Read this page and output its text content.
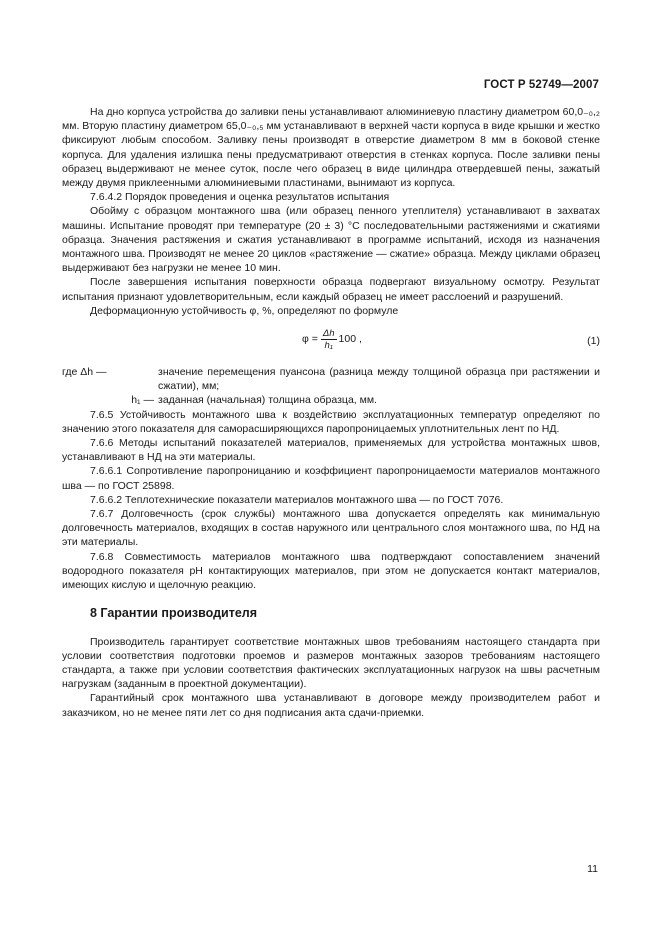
ГОСТ Р 52749—2007

На дно корпуса устройства до заливки пены устанавливают алюминиевую пластину диаметром 60,0₋₀,₂ мм. Вторую пластину диаметром 65,0₋₀,₅ мм устанавливают в верхней части корпуса в виде крышки и жестко фиксируют любым способом. Заливку пены производят в отверстие диаметром 8 мм в боковой стенке корпуса. Для удаления излишка пены предусматривают отверстия в стенках корпуса. После заливки пены образец выдерживают не менее суток, после чего образец в виде цилиндра отвердевшей пены, зажатый между двумя приклеенными алюминиевыми пластинами, вынимают из корпуса.

7.6.4.2 Порядок проведения и оценка результатов испытания

Обойму с образцом монтажного шва (или образец пенного утеплителя) устанавливают в захватах машины. Испытание проводят при температуре (20 ± 3) °С последовательными растяжениями и сжатиями образца. Значения растяжения и сжатия устанавливают в программе испытаний, исходя из назначения монтажного шва. Производят не менее 20 циклов «растяжение — сжатие» образца. Между циклами образец выдерживают без нагрузки не менее 10 мин.

После завершения испытания поверхности образца подвергают визуальному осмотру. Результат испытания признают удовлетворительным, если каждый образец не имеет расслоений и разрушений.

Деформационную устойчивость φ, %, определяют по формуле

$\varphi = \frac{\Delta h}{\text{h₁}} 100$ ,	(1)
где Δh —	значение перемещения пуансона (разница между толщиной образца при растяжении и сжатии), мм;
h₁ — заданная (начальная) толщина образца, мм.

7.6.5 Устойчивость монтажного шва к воздействию эксплуатационных температур определяют по значению этого показателя для саморасширяющихся паропроницаемых уплотнительных лент по НД.

7.6.6 Методы испытаний показателей материалов, применяемых для устройства монтажных швов, устанавливают в НД на эти материалы.

7.6.6.1 Сопротивление паропроницанию и коэффициент паропроницаемости материалов монтажного шва — по ГОСТ 25898.

7.6.6.2 Теплотехнические показатели материалов монтажного шва — по ГОСТ 7076.

7.6.7 Долговечность (срок службы) монтажного шва допускается определять как минимальную долговечность материалов, входящих в состав наружного или центрального слоя монтажного шва, по НД на эти материалы.

7.6.8 Совместимость материалов монтажного шва подтверждают сопоставлением значений водородного показателя рН контактирующих материалов, при этом не допускается контакт материалов, имеющих кислую и щелочную реакцию.

8 Гарантии производителя

Производитель гарантирует соответствие монтажных швов требованиям настоящего стандарта при условии соответствия подготовки проемов и размеров монтажных зазоров требованиям настоящего стандарта, а также при условии соответствия фактических эксплуатационных нагрузок на швы расчетным нагрузкам (заданным в проектной документации).

Гарантийный срок монтажного шва устанавливают в договоре между производителем работ и заказчиком, но не менее пяти лет со дня подписания акта сдачи-приемки.

11
